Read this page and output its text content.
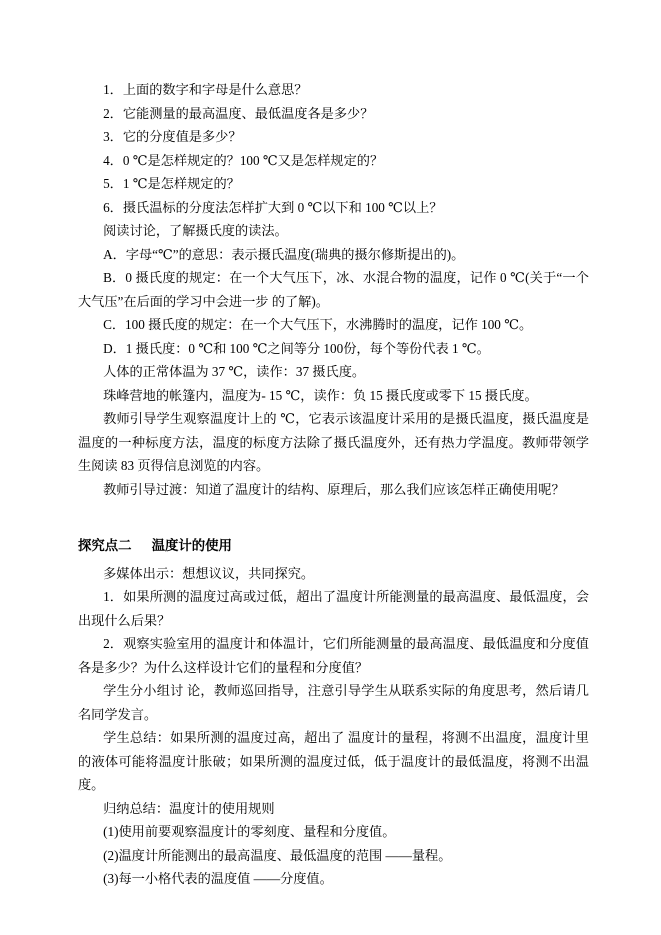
1．上面的数字和字母是什么意思？

2．它能测量的最高温度、最低温度各是多少？

3．它的分度值是多少？

4．0 ℃是怎样规定的？100 ℃又是怎样规定的？

5．1 ℃是怎样规定的？

6．摄氏温标的分度法怎样扩大到 0 ℃以下和 100 ℃以上？

阅读讨论，了解摄氏度的读法。

A．字母“℃”的意思：表示摄氏温度(瑞典的摄尔修斯提出的)。

B．0 摄氏度的规定：在一个大气压下，冰、水混合物的温度，记作 0 ℃(关于“一个大气压”在后面的学习中会进一步 的了解)。

C．100 摄氏度的规定：在一个大气压下，水沸腾时的温度，记作 100 ℃。

D．1 摄氏度：0 ℃和 100 ℃之间等分 100份，每个等份代表 1 ℃。

人体的正常体温为 37 ℃，读作：37 摄氏度。

珠峰营地的帐篷内，温度为- 15 ℃，读作：负 15 摄氏度或零下 15 摄氏度。

教师引导学生观察温度计上的 ℃，它表示该温度计采用的是摄氏温度，摄氏温度是温度的一种标度方法，温度的标度方法除了摄氏温度外，还有热力学温度。教师带领学生阅读 83 页得信息浏览的内容。

教师引导过渡：知道了温度计的结构、原理后，那么我们应该怎样正确使用呢？

探究点二 温度计的使用

多媒体出示：想想议议，共同探究。

1．如果所测的温度过高或过低，超出了温度计所能测量的最高温度、最低温度，会出现什么后果？

2．观察实验室用的温度计和体温计，它们所能测量的最高温度、最低温度和分度值各是多少？为什么这样设计它们的量程和分度值？

学生分小组讨 论，教师巡回指导，注意引导学生从联系实际的角度思考，然后请几名同学发言。

学生总结：如果所测的温度过高，超出了 温度计的量程，将测不出温度，温度计里的液体可能将温度计胀破；如果所测的温度过低，低于温度计的最低温度，将测不出温度。

归纳总结：温度计的使用规则

(1)使用前要观察温度计的零刻度、量程和分度值。

(2)温度计所能测出的最高温度、最低温度的范围 ——量程。

(3)每一小格代表的温度值 ——分度值。
